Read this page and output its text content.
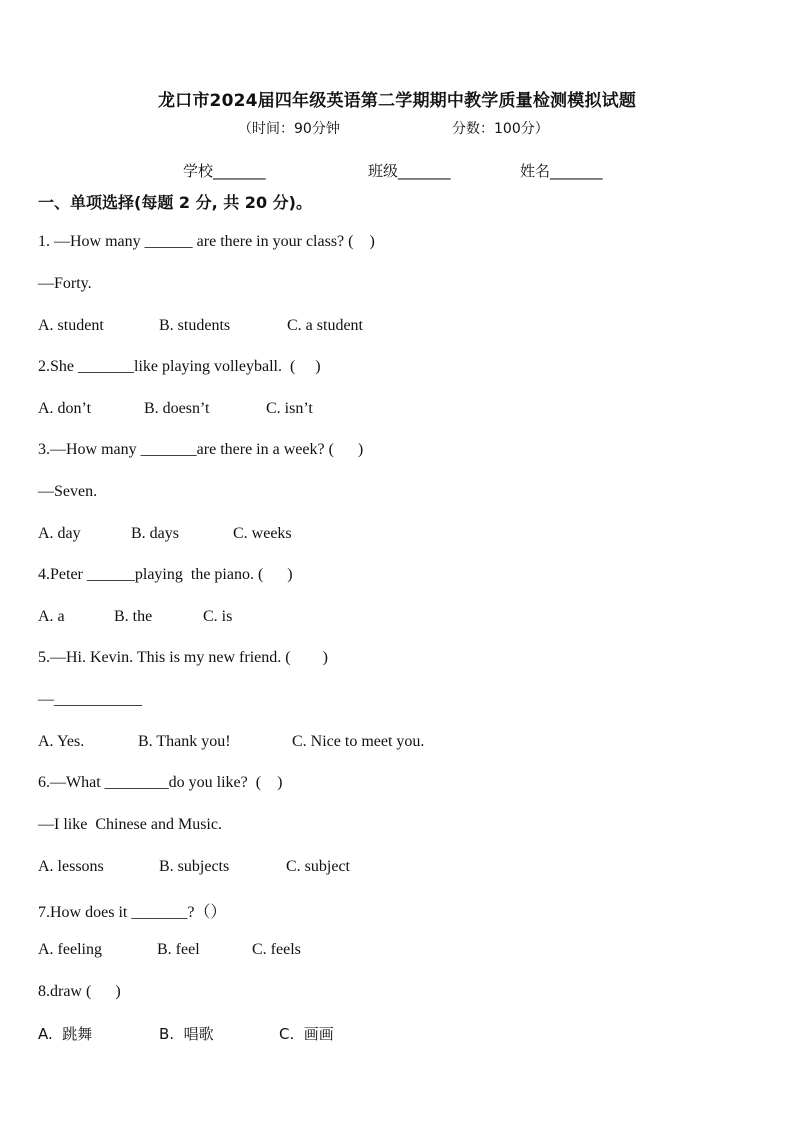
龙口市2024届四年级英语第二学期期中教学质量检测模拟试题
（时间：90分钟	分数：100分）
学校_______	班级_______	姓名_______
一、单项选择(每题 2 分, 共 20 分)。
1. —How many ______ are there in your class? (    )
—Forty.
A. student	B. students	C. a student
2.She _______like playing volleyball.  (     )
A. don’t	B. doesn’t	C. isn’t
3.—How many _______are there in a week? (      )
—Seven.
A. day	B. days	C. weeks
4.Peter ______playing  the piano. (      )
A. a	B. the	C. is
5.—Hi. Kevin. This is my new friend. (        )
—___________
A. Yes.	B. Thank you!	C. Nice to meet you.
6.—What ________do you like?  (    )
—I like  Chinese and Music.
A. lessons	B. subjects	C. subject
7.How does it _______?（）
A. feeling	B. feel	C. feels
8.draw (      )
A.  跳舞	B.  唱歌	C.  画画
